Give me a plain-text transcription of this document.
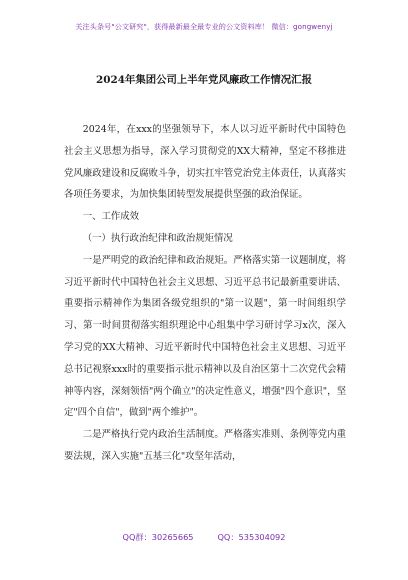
关注头条号"公文研究"，获得最新最全最专业的公文资料库！ 微信：gongwenyj
2024年集团公司上半年党风廉政工作情况汇报

2024年，在xxx的坚强领导下，本人以习近平新时代中国特色社会主义思想为指导，深入学习贯彻党的XX大精神，坚定不移推进党风廉政建设和反腐败斗争，切实扛牢管党治党主体责任，认真落实各项任务要求，为加快集团转型发展提供坚强的政治保证。

一、工作成效

（一）执行政治纪律和政治规矩情况

一是严明党的政治纪律和政治规矩。严格落实第一议题制度，将习近平新时代中国特色社会主义思想、习近平总书记最新重要讲话、重要指示精神作为集团各级党组织的"第一议题"，第一时间组织学习、第一时间贯彻落实组织理论中心组集中学习研讨学习x次，深入学习党的XX大精神、习近平新时代中国特色社会主义思想、习近平总书记视察xxx时的重要指示批示精神以及自治区第十二次党代会精神等内容，深刻领悟"两个确立"的决定性意义，增强"四个意识"，坚定"四个自信"，做到"两个维护"。

二是严格执行党内政治生活制度。严格落实准则、条例等党内重要法规，深入实施"五基三化"攻坚年活动，

QQ群：30265665	QQ：535304092
